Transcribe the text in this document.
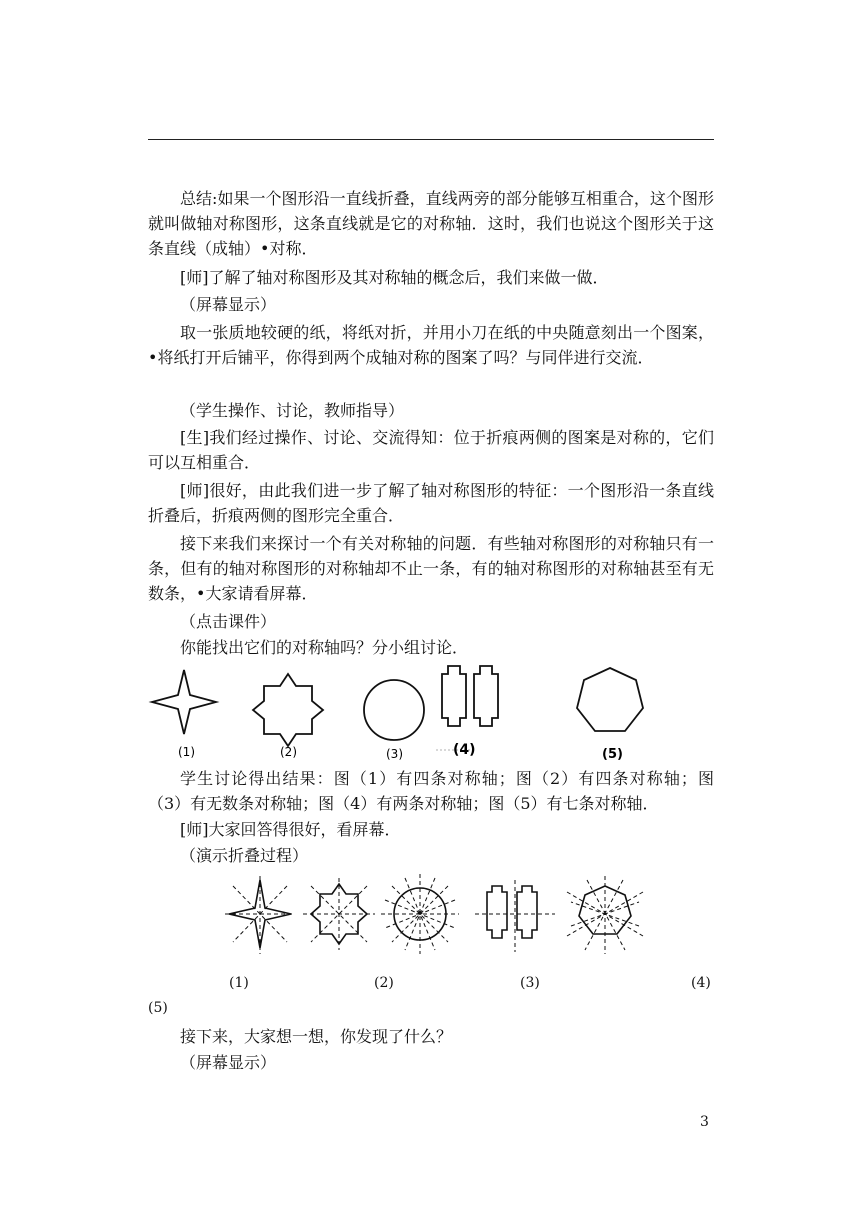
总结:如果一个图形沿一直线折叠，直线两旁的部分能够互相重合，这个图形就叫做轴对称图形，这条直线就是它的对称轴．这时，我们也说这个图形关于这条直线（成轴）•对称．

[师]了解了轴对称图形及其对称轴的概念后，我们来做一做．

（屏幕显示）

取一张质地较硬的纸，将纸对折，并用小刀在纸的中央随意刻出一个图案，•将纸打开后铺平，你得到两个成轴对称的图案了吗？与同伴进行交流．

（学生操作、讨论，教师指导）

[生]我们经过操作、讨论、交流得知：位于折痕两侧的图案是对称的，它们可以互相重合．

[师]很好，由此我们进一步了解了轴对称图形的特征：一个图形沿一条直线折叠后，折痕两侧的图形完全重合．

接下来我们来探讨一个有关对称轴的问题．有些轴对称图形的对称轴只有一条，但有的轴对称图形的对称轴却不止一条，有的轴对称图形的对称轴甚至有无数条，•大家请看屏幕．

（点击课件）

你能找出它们的对称轴吗？分小组讨论．

(1)	(2)	(3)	(4)	(5)

学生讨论得出结果：图（1）有四条对称轴；图（2）有四条对称轴；图（3）有无数条对称轴；图（4）有两条对称轴；图（5）有七条对称轴．

[师]大家回答得很好，看屏幕．

（演示折叠过程）

(1)	(2)	(3)	(4)
(5)

接下来，大家想一想，你发现了什么？

（屏幕显示）

3
